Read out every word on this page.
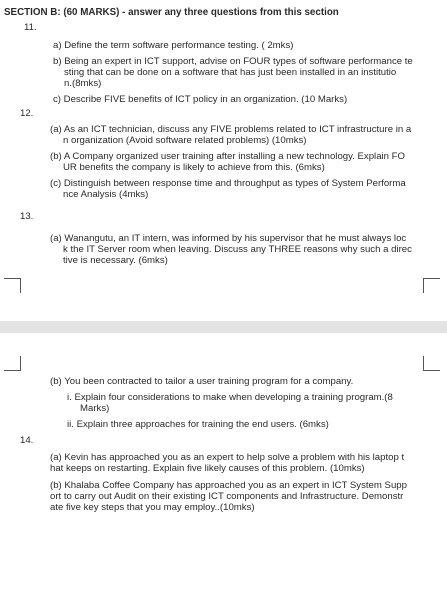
SECTION B: (60 MARKS) - answer any three questions from this section
11.
a) Define the term software performance testing. ( 2mks)
b) Being an expert in ICT support, advise on FOUR types of software performance te
sting that can be done on a software that has just been installed in an institutio
n.(8mks)
c) Describe FIVE benefits of ICT policy in an organization. (10 Marks)
12.
(a) As an ICT technician, discuss any FIVE problems related to ICT infrastructure in a
n organization (Avoid software related problems) (10mks)
(b) A Company organized user training after installing a new technology. Explain FO
UR benefits the company is likely to achieve from this. (6mks)
(c) Distinguish between response time and throughput as types of System Performa
nce Analysis (4mks)
13.
(a) Wanangutu, an IT intern, was informed by his supervisor that he must always loc
k the IT Server room when leaving. Discuss any THREE reasons why such a direc
tive is necessary. (6mks)
(b) You been contracted to tailor a user training program for a company.
i. Explain four considerations to make when developing a training program.(8
Marks)
ii. Explain three approaches for training the end users. (6mks)
14.
(a) Kevin has approached you as an expert to help solve a problem with his laptop t
hat keeps on restarting. Explain five likely causes of this problem. (10mks)
(b) Khalaba Coffee Company has approached you as an expert in ICT System Supp
ort to carry out Audit on their existing ICT components and Infrastructure. Demonstr
ate five key steps that you may employ..(10mks)
